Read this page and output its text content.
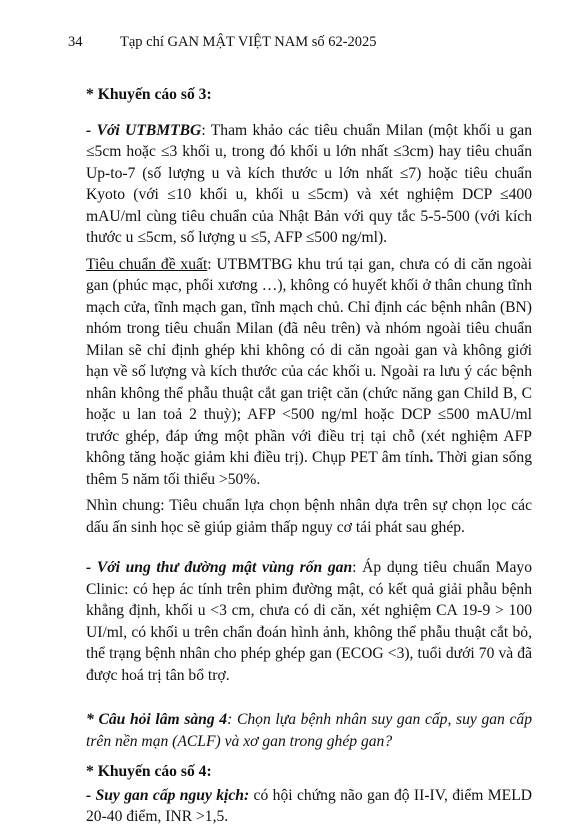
34	Tạp chí GAN MẬT VIỆT NAM số 62-2025

* Khuyến cáo số 3:

- Với UTBMTBG: Tham khảo các tiêu chuẩn Milan (một khối u gan ≤5cm hoặc ≤3 khối u, trong đó khối u lớn nhất ≤3cm) hay tiêu chuẩn Up-to-7 (số lượng u và kích thước u lớn nhất ≤7) hoặc tiêu chuẩn Kyoto (với ≤10 khối u, khối u ≤5cm) và xét nghiệm DCP ≤400 mAU/ml cùng tiêu chuẩn của Nhật Bản với quy tắc 5-5-500 (với kích thước u ≤5cm, số lượng u ≤5, AFP ≤500 ng/ml).

Tiêu chuẩn đề xuất: UTBMTBG khu trú tại gan, chưa có di căn ngoài gan (phúc mạc, phổi xương …), không có huyết khối ở thân chung tĩnh mạch cửa, tĩnh mạch gan, tĩnh mạch chủ. Chỉ định các bệnh nhân (BN) nhóm trong tiêu chuẩn Milan (đã nêu trên) và nhóm ngoài tiêu chuẩn Milan sẽ chỉ định ghép khi không có di căn ngoài gan và không giới hạn về số lượng và kích thước của các khối u. Ngoài ra lưu ý các bệnh nhân không thể phẫu thuật cắt gan triệt căn (chức năng gan Child B, C hoặc u lan toả 2 thuỳ); AFP <500 ng/ml hoặc DCP ≤500 mAU/ml trước ghép, đáp ứng một phần với điều trị tại chỗ (xét nghiệm AFP không tăng hoặc giảm khi điều trị). Chụp PET âm tính. Thời gian sống thêm 5 năm tối thiểu >50%.

Nhìn chung: Tiêu chuẩn lựa chọn bệnh nhân dựa trên sự chọn lọc các dấu ấn sinh học sẽ giúp giảm thấp nguy cơ tái phát sau ghép.

- Với ung thư đường mật vùng rốn gan: Áp dụng tiêu chuẩn Mayo Clinic: có hẹp ác tính trên phim đường mật, có kết quả giải phẫu bệnh khẳng định, khối u <3 cm, chưa có di căn, xét nghiệm CA 19-9 > 100 UI/ml, có khối u trên chẩn đoán hình ảnh, không thể phẫu thuật cắt bỏ, thể trạng bệnh nhân cho phép ghép gan (ECOG <3), tuổi dưới 70 và đã được hoá trị tân bổ trợ.

* Câu hỏi lâm sàng 4: Chọn lựa bệnh nhân suy gan cấp, suy gan cấp trên nền mạn (ACLF) và xơ gan trong ghép gan?

* Khuyến cáo số 4:

- Suy gan cấp nguy kịch: có hội chứng não gan độ II-IV, điểm MELD 20-40 điểm, INR >1,5.
